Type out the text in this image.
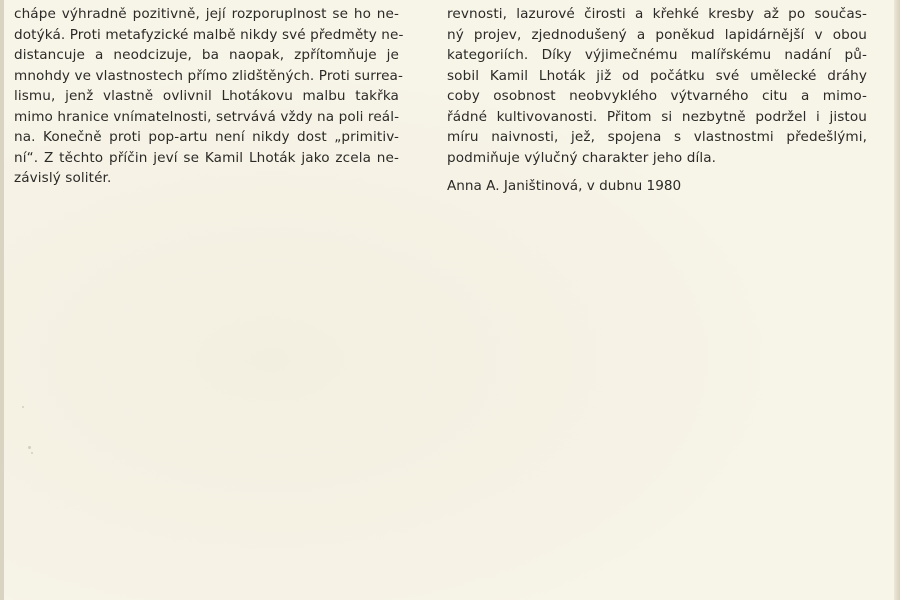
chápe výhradně pozitivně, její rozporuplnost se ho ne-
dotýká. Proti metafyzické malbě nikdy své předměty ne-
distancuje a neodcizuje, ba naopak, zpřítomňuje je
mnohdy ve vlastnostech přímo zlidštěných. Proti surrea-
lismu, jenž vlastně ovlivnil Lhotákovu malbu takřka
mimo hranice vnímatelnosti, setrvává vždy na poli reál-
na. Konečně proti pop-artu není nikdy dost „primitiv-
ní“. Z těchto příčin jeví se Kamil Lhoták jako zcela ne-
závislý solitér.
revnosti, lazurové čirosti a křehké kresby až po součas-
ný projev, zjednodušený a poněkud lapidárnější v obou
kategoriích. Díky výjimečnému malířskému nadání pů-
sobil Kamil Lhoták již od počátku své umělecké dráhy
coby osobnost neobvyklého výtvarného citu a mimo-
řádné kultivovanosti. Přitom si nezbytně podržel i jistou
míru naivnosti, jež, spojena s vlastnostmi předešlými,
podmiňuje výlučný charakter jeho díla.
Anna A. Janištinová, v dubnu 1980
